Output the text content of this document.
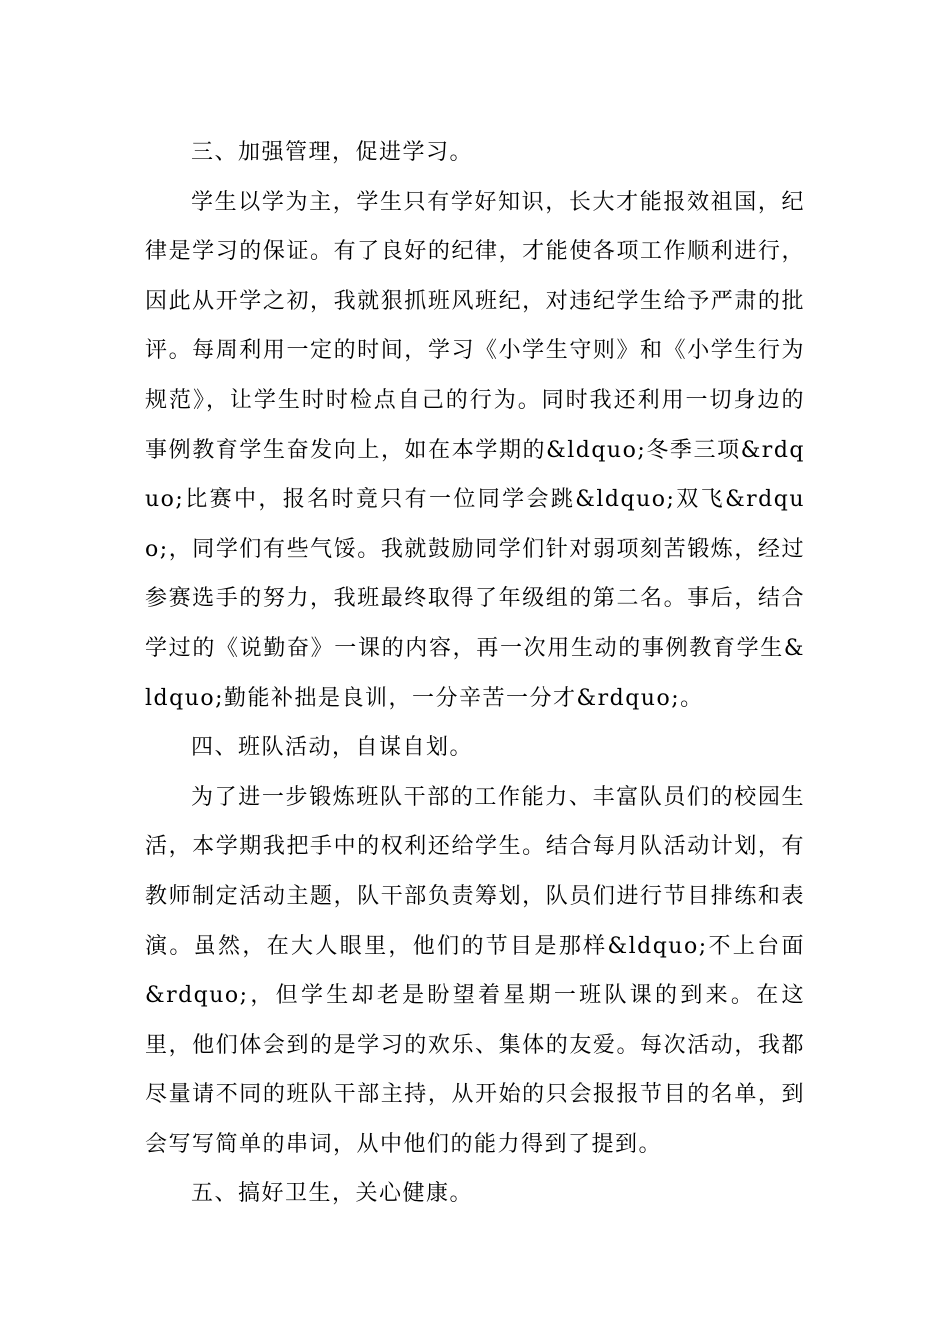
三、加强管理，促进学习。

学生以学为主，学生只有学好知识，长大才能报效祖国，纪律是学习的保证。有了良好的纪律，才能使各项工作顺利进行，因此从开学之初，我就狠抓班风班纪，对违纪学生给予严肃的批评。每周利用一定的时间，学习《小学生守则》和《小学生行为规范》，让学生时时检点自己的行为。同时我还利用一切身边的事例教育学生奋发向上，如在本学期的&ldquo;冬季三项&rdquo;比赛中，报名时竟只有一位同学会跳&ldquo;双飞&rdquo;，同学们有些气馁。我就鼓励同学们针对弱项刻苦锻炼，经过参赛选手的努力，我班最终取得了年级组的第二名。事后，结合学过的《说勤奋》一课的内容，再一次用生动的事例教育学生&ldquo;勤能补拙是良训，一分辛苦一分才&rdquo;。

四、班队活动，自谋自划。

为了进一步锻炼班队干部的工作能力、丰富队员们的校园生活，本学期我把手中的权利还给学生。结合每月队活动计划，有教师制定活动主题，队干部负责筹划，队员们进行节目排练和表演。虽然，在大人眼里，他们的节目是那样&ldquo;不上台面&rdquo;，但学生却老是盼望着星期一班队课的到来。在这里，他们体会到的是学习的欢乐、集体的友爱。每次活动，我都尽量请不同的班队干部主持，从开始的只会报报节目的名单，到会写写简单的串词，从中他们的能力得到了提到。

五、搞好卫生，关心健康。
